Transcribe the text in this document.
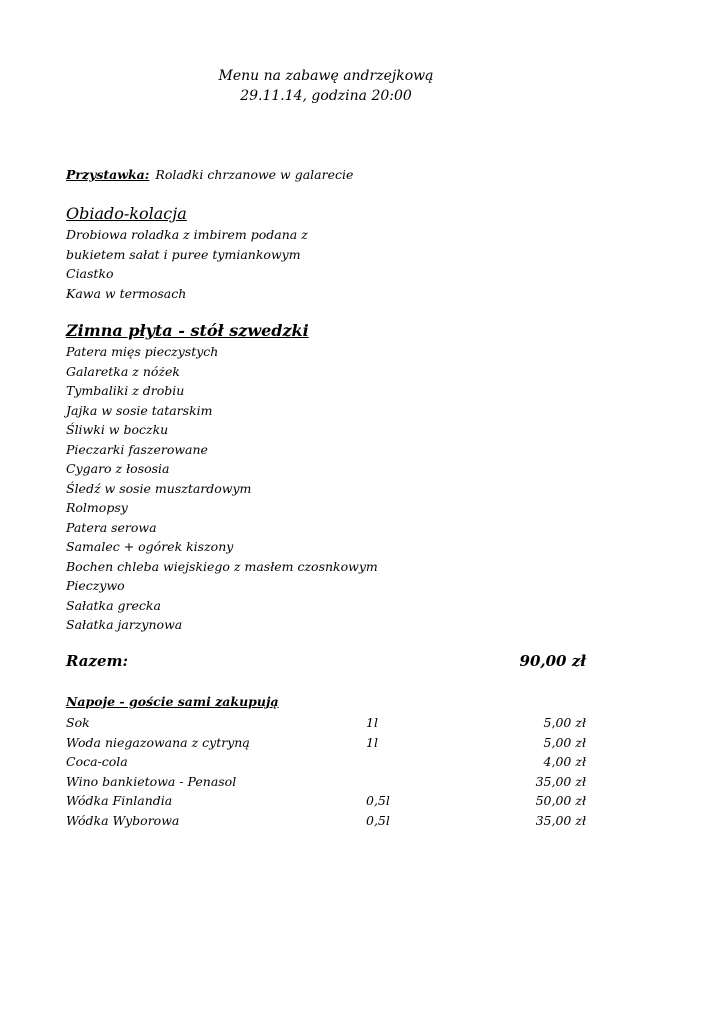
Menu na zabawę andrzejkową
29.11.14, godzina 20:00
Przystawka: Roladki chrzanowe w galarecie
Obiado-kolacja
Drobiowa roladka z imbirem podana z
bukietem sałat i puree tymiankowym
Ciastko
Kawa w termosach
Zimna płyta - stół szwedzki
Patera mięs pieczystych
Galaretka z nóżek
Tymbaliki z drobiu
Jajka w sosie tatarskim
Śliwki w boczku
Pieczarki faszerowane
Cygaro z łososia
Śledź w sosie musztardowym
Rolmopsy
Patera serowa
Samalec + ogórek kiszony
Bochen chleba wiejskiego z masłem czosnkowym
Pieczywo
Sałatka grecka
Sałatka jarzynowa
Razem:	90,00 zł
Napoje - goście sami zakupują
Sok	1l	5,00 zł
Woda niegazowana z cytryną	1l	5,00 zł
Coca-cola	4,00 zł
Wino bankietowa - Penasol	35,00 zł
Wódka Finlandia	0,5l	50,00 zł
Wódka Wyborowa	0,5l	35,00 zł
